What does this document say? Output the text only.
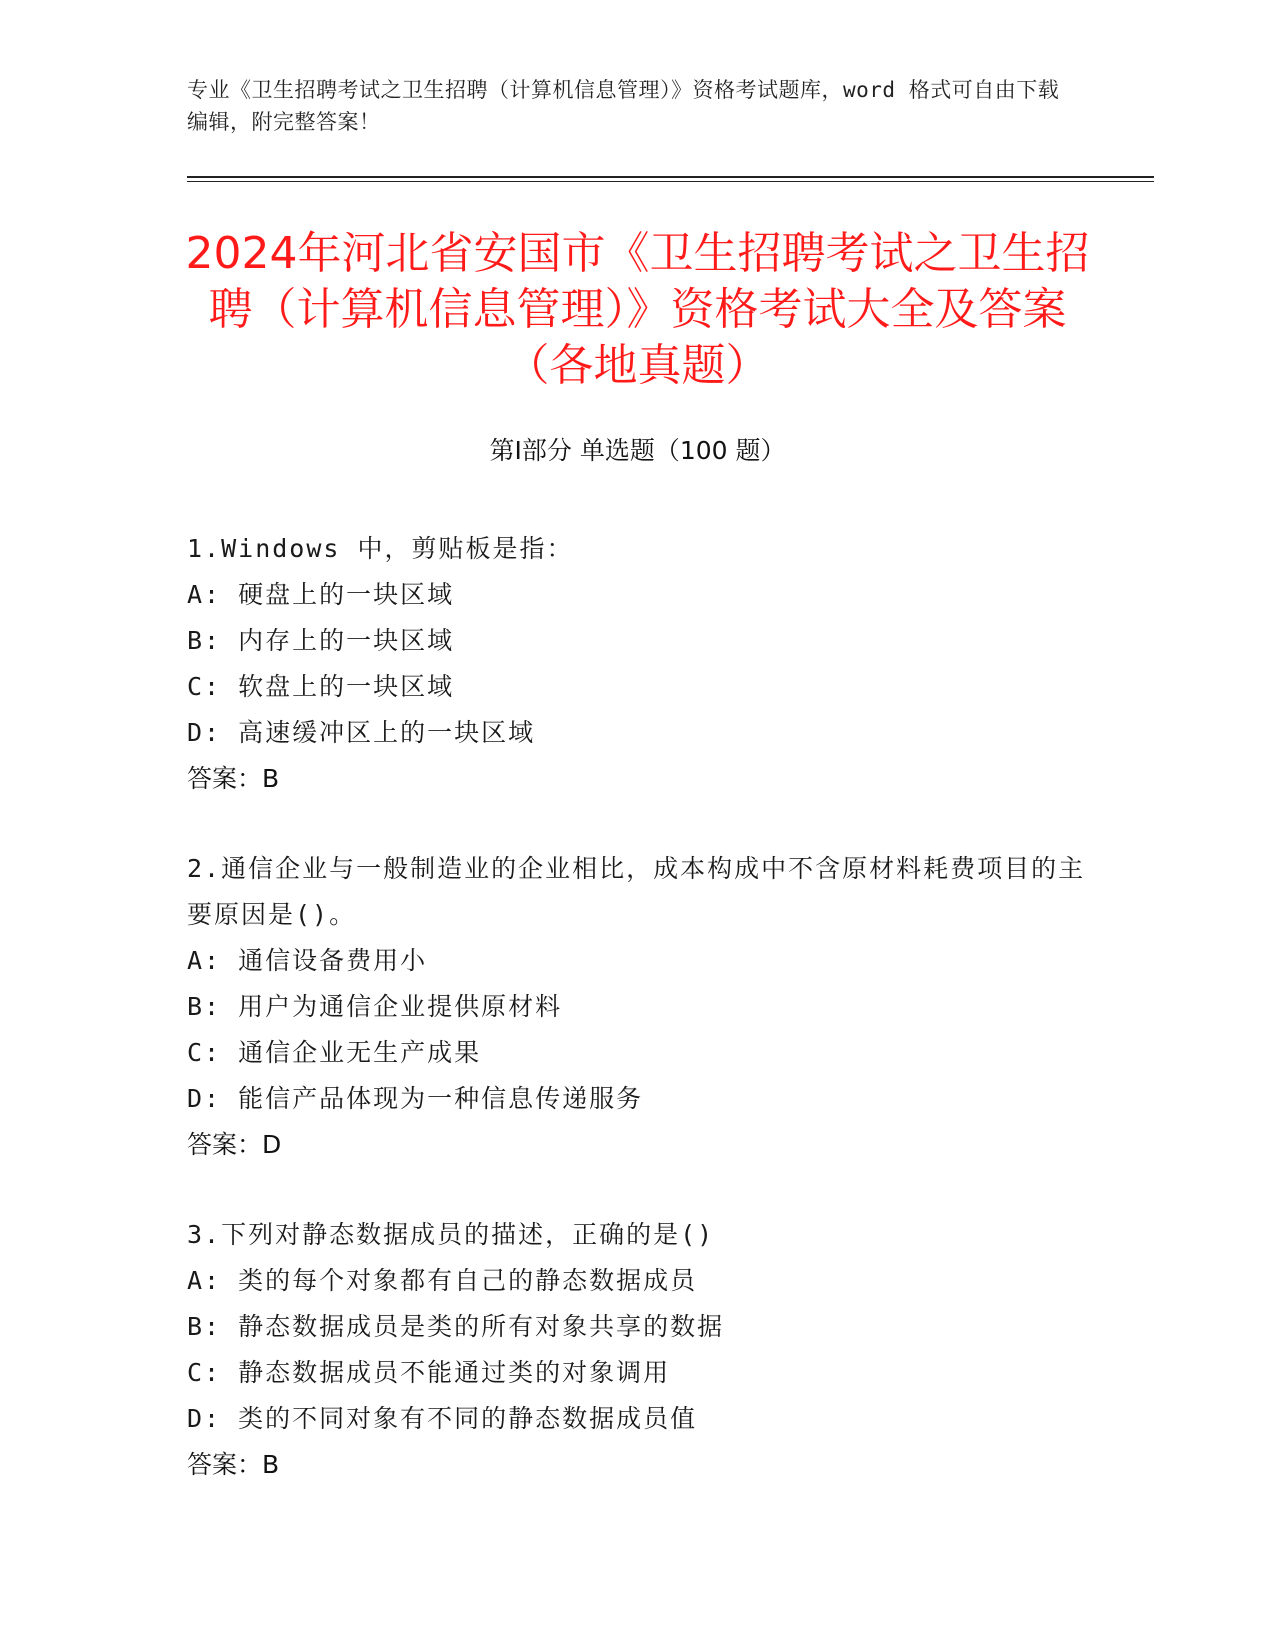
专业《卫生招聘考试之卫生招聘（计算机信息管理）》资格考试题库，word 格式可自由下载编辑，附完整答案！
2024年河北省安国市《卫生招聘考试之卫生招聘（计算机信息管理）》资格考试大全及答案（各地真题）
第Ⅰ部分 单选题（100 题）
1.Windows 中，剪贴板是指：
A: 硬盘上的一块区域
B: 内存上的一块区域
C: 软盘上的一块区域
D: 高速缓冲区上的一块区域
答案：B
2.通信企业与一般制造业的企业相比，成本构成中不含原材料耗费项目的主要原因是()。
A: 通信设备费用小
B: 用户为通信企业提供原材料
C: 通信企业无生产成果
D: 能信产品体现为一种信息传递服务
答案：D
3.下列对静态数据成员的描述，正确的是()
A: 类的每个对象都有自己的静态数据成员
B: 静态数据成员是类的所有对象共享的数据
C: 静态数据成员不能通过类的对象调用
D: 类的不同对象有不同的静态数据成员值
答案：B
